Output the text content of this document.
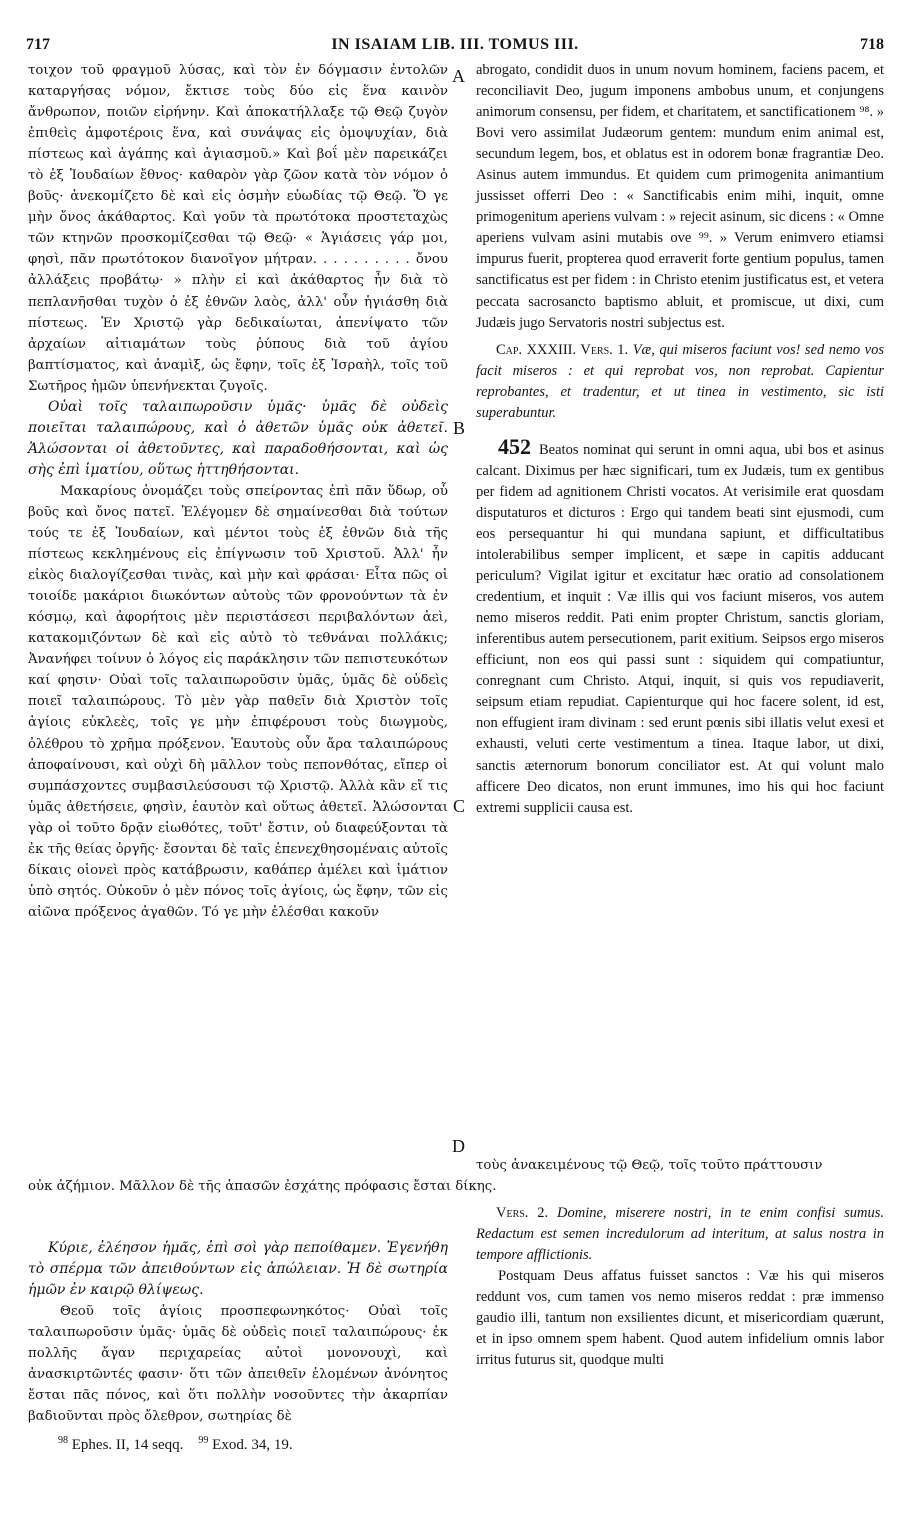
717	IN ISAIAM LIB. III. TOMUS III.	718
A
B
C
D

τοιχον τοῦ φραγμοῦ λύσας, καὶ τὸν ἐν δόγμασιν ἐντολῶν καταργήσας νόμον, ἔκτισε τοὺς δύο εἰς ἕνα καινὸν ἄνθρωπον, ποιῶν εἰρήνην. Καὶ ἀποκατήλλαξε τῷ Θεῷ ζυγὸν ἐπιθεὶς ἀμφοτέροις ἕνα, καὶ συνάψας εἰς ὁμοψυχίαν, διὰ πίστεως καὶ ἀγάπης καὶ ἁγιασμοῦ.» Καὶ βοΐ μὲν παρεικάζει τὸ ἐξ Ἰουδαίων ἔθνος· καθαρὸν γὰρ ζῶον κατὰ τὸν νόμον ὁ βοῦς· ἀνεκομίζετο δὲ καὶ εἰς ὀσμὴν εὐωδίας τῷ Θεῷ. Ὅ γε μὴν ὄνος ἀκάθαρτος. Καὶ γοῦν τὰ πρωτότοκα προστεταχὼς τῶν κτηνῶν προσκομίζεσθαι τῷ Θεῷ· « Ἁγιάσεις γάρ μοι, φησὶ, πᾶν πρωτότοκον διανοῖγον μήτραν. . . . . . . . . . ὄνου ἀλλάξεις προβάτῳ· » πλὴν εἰ καὶ ἀκάθαρτος ἦν διὰ τὸ πεπλανῆσθαι τυχὸν ὁ ἐξ ἐθνῶν λαὸς, ἀλλ' οὖν ἡγιάσθη διὰ πίστεως. Ἐν Χριστῷ γὰρ δεδικαίωται, ἀπενίψατο τῶν ἀρχαίων αἰτιαμάτων τοὺς ῥύπους διὰ τοῦ ἁγίου βαπτίσματος, καὶ ἀναμὶξ, ὡς ἔφην, τοῖς ἐξ Ἰσραὴλ, τοῖς τοῦ Σωτῆρος ἡμῶν ὑπενήνεκται ζυγοῖς.

Οὐαὶ τοῖς ταλαιπωροῦσιν ὑμᾶς· ὑμᾶς δὲ οὐδεὶς ποιεῖται ταλαιπώρους, καὶ ὁ ἀθετῶν ὑμᾶς οὐκ ἀθετεῖ. Ἁλώσονται οἱ ἀθετοῦντες, καὶ παραδοθήσονται, καὶ ὡς σὴς ἐπὶ ἱματίου, οὕτως ἡττηθήσονται.

Μακαρίους ὀνομάζει τοὺς σπείροντας ἐπὶ πᾶν ὕδωρ, οὗ βοῦς καὶ ὄνος πατεῖ. Ἐλέγομεν δὲ σημαίνεσθαι διὰ τούτων τούς τε ἐξ Ἰουδαίων, καὶ μέντοι τοὺς ἐξ ἐθνῶν διὰ τῆς πίστεως κεκλημένους εἰς ἐπίγνωσιν τοῦ Χριστοῦ. Ἀλλ' ἦν εἰκὸς διαλογίζεσθαι τινὰς, καὶ μὴν καὶ φράσαι· Εἶτα πῶς οἱ τοιοίδε μακάριοι διωκόντων αὐτοὺς τῶν φρονούντων τὰ ἐν κόσμῳ, καὶ ἀφορήτοις μὲν περιστάσεσι περιβαλόντων ἀεὶ, κατακομιζόντων δὲ καὶ εἰς αὐτὸ τὸ τεθνάναι πολλάκις; Ἀνανήφει τοίνυν ὁ λόγος εἰς παράκλησιν τῶν πεπιστευκότων καί φησιν· Οὐαὶ τοῖς ταλαιπωροῦσιν ὑμᾶς, ὑμᾶς δὲ οὐδεὶς ποιεῖ ταλαιπώρους. Τὸ μὲν γὰρ παθεῖν διὰ Χριστὸν τοῖς ἁγίοις εὐκλεὲς, τοῖς γε μὴν ἐπιφέρουσι τοὺς διωγμοὺς, ὀλέθρου τὸ χρῆμα πρόξενον. Ἑαυτοὺς οὖν ἄρα ταλαιπώρους ἀποφαίνουσι, καὶ οὐχὶ δὴ μᾶλλον τοὺς πεπονθότας, εἴπερ οἱ συμπάσχοντες συμβασιλεύσουσι τῷ Χριστῷ. Ἀλλὰ κἂν εἴ τις ὑμᾶς ἀθετήσειε, φησὶν, ἑαυτὸν καὶ οὕτως ἀθετεῖ. Ἁλώσονται γὰρ οἱ τοῦτο δρᾷν εἰωθότες, τοῦτ' ἔστιν, οὐ διαφεύξονται τὰ ἐκ τῆς θείας ὀργῆς· ἔσονται δὲ ταῖς ἐπενεχθησομέναις αὐτοῖς δίκαις οἱονεὶ πρὸς κατάβρωσιν, καθάπερ ἀμέλει καὶ ἱμάτιον ὑπὸ σητός. Οὐκοῦν ὁ μὲν πόνος τοῖς ἁγίοις, ὡς ἔφην, τῶν εἰς αἰῶνα πρόξενος ἀγαθῶν. Τό γε μὴν ἐλέσθαι κακοῦν

οὐκ ἀζήμιον. Μᾶλλον δὲ τῆς ἁπασῶν ἐσχάτης πρόφασις ἔσται δίκης.

τοὺς ἀνακειμένους τῷ Θεῷ, τοῖς τοῦτο πράττουσιν

Κύριε, ἐλέησον ἡμᾶς, ἐπὶ σοὶ γὰρ πεποίθαμεν. Ἐγενήθη τὸ σπέρμα τῶν ἀπειθούντων εἰς ἀπώλειαν. Ἡ δὲ σωτηρία ἡμῶν ἐν καιρῷ θλίψεως.

Θεοῦ τοῖς ἁγίοις προσπεφωνηκότος· Οὐαὶ τοῖς ταλαιπωροῦσιν ὑμᾶς· ὑμᾶς δὲ οὐδεὶς ποιεῖ ταλαιπώρους· ἐκ πολλῆς ἄγαν περιχαρείας αὐτοὶ μονονουχὶ, καὶ ἀνασκιρτῶντές φασιν· ὅτι τῶν ἀπειθεῖν ἑλομένων ἀνόνητος ἔσται πᾶς πόνος, καὶ ὅτι πολλὴν νοσοῦντες τὴν ἀκαρπίαν βαδιοῦνται πρὸς ὄλεθρον, σωτηρίας δὲ

abrogato, condidit duos in unum novum hominem, faciens pacem, et reconciliavit Deo, jugum imponens ambobus unum, et conjungens animorum consensu, per fidem, et charitatem, et sanctificationem ⁹⁸. » Bovi vero assimilat Judæorum gentem: mundum enim animal est, secundum legem, bos, et oblatus est in odorem bonæ fragrantiæ Deo. Asinus autem immundus. Et quidem cum primogenita animantium jussisset offerri Deo : « Sanctificabis enim mihi, inquit, omne primogenitum aperiens vulvam : » rejecit asinum, sic dicens : « Omne aperiens vulvam asini mutabis ove ⁹⁹. » Verum enimvero etiamsi impurus fuerit, propterea quod erraverit forte gentium populus, tamen sanctificatus est per fidem : in Christo etenim justificatus est, et vetera peccata sacrosancto baptismo abluit, et promiscue, ut dixi, cum Judæis jugo Servatoris nostri subjectus est.

Cap. XXXIII. Vers. 1. Væ, qui miseros faciunt vos! sed nemo vos facit miseros : et qui reprobat vos, non reprobat. Capientur reprobantes, et tradentur, et ut tinea in vestimento, sic isti superabuntur.

452 Beatos nominat qui serunt in omni aqua, ubi bos et asinus calcant. Diximus per hæc significari, tum ex Judæis, tum ex gentibus per fidem ad agnitionem Christi vocatos. At verisimile erat quosdam disputaturos et dicturos : Ergo qui tandem beati sint ejusmodi, cum eos persequantur hi qui mundana sapiunt, et difficultatibus intolerabilibus semper implicent, et sæpe in capitis adducant periculum? Vigilat igitur et excitatur hæc oratio ad consolationem credentium, et inquit : Væ illis qui vos faciunt miseros, vos autem nemo miseros reddit. Pati enim propter Christum, sanctis gloriam, inferentibus autem persecutionem, parit exitium. Seipsos ergo miseros efficiunt, non eos qui passi sunt : siquidem qui compatiuntur, conregnant cum Christo. Atqui, inquit, si quis vos repudiaverit, seipsum etiam repudiat. Capienturque qui hoc facere solent, id est, non effugient iram divinam : sed erunt pœnis sibi illatis velut exesi et exhausti, veluti certe vestimentum a tinea. Itaque labor, ut dixi, sanctis æternorum bonorum conciliator est. At qui volunt malo afficere Deo dicatos, non erunt immunes, imo his qui hoc faciunt extremi supplicii causa est.

Vers. 2. Domine, miserere nostri, in te enim confisi sumus. Redactum est semen incredulorum ad interitum, at salus nostra in tempore afflictionis.

Postquam Deus affatus fuisset sanctos : Væ his qui miseros reddunt vos, cum tamen vos nemo miseros reddat : præ immenso gaudio illi, tantum non exsilientes dicunt, et misericordiam quærunt, et in ipso omnem spem habent. Quod autem infidelium omnis labor irritus futurus sit, quodque multi

$^{98}$ Ephes. II, 14 seqq. $^{99}$ Exod. 34, 19.
